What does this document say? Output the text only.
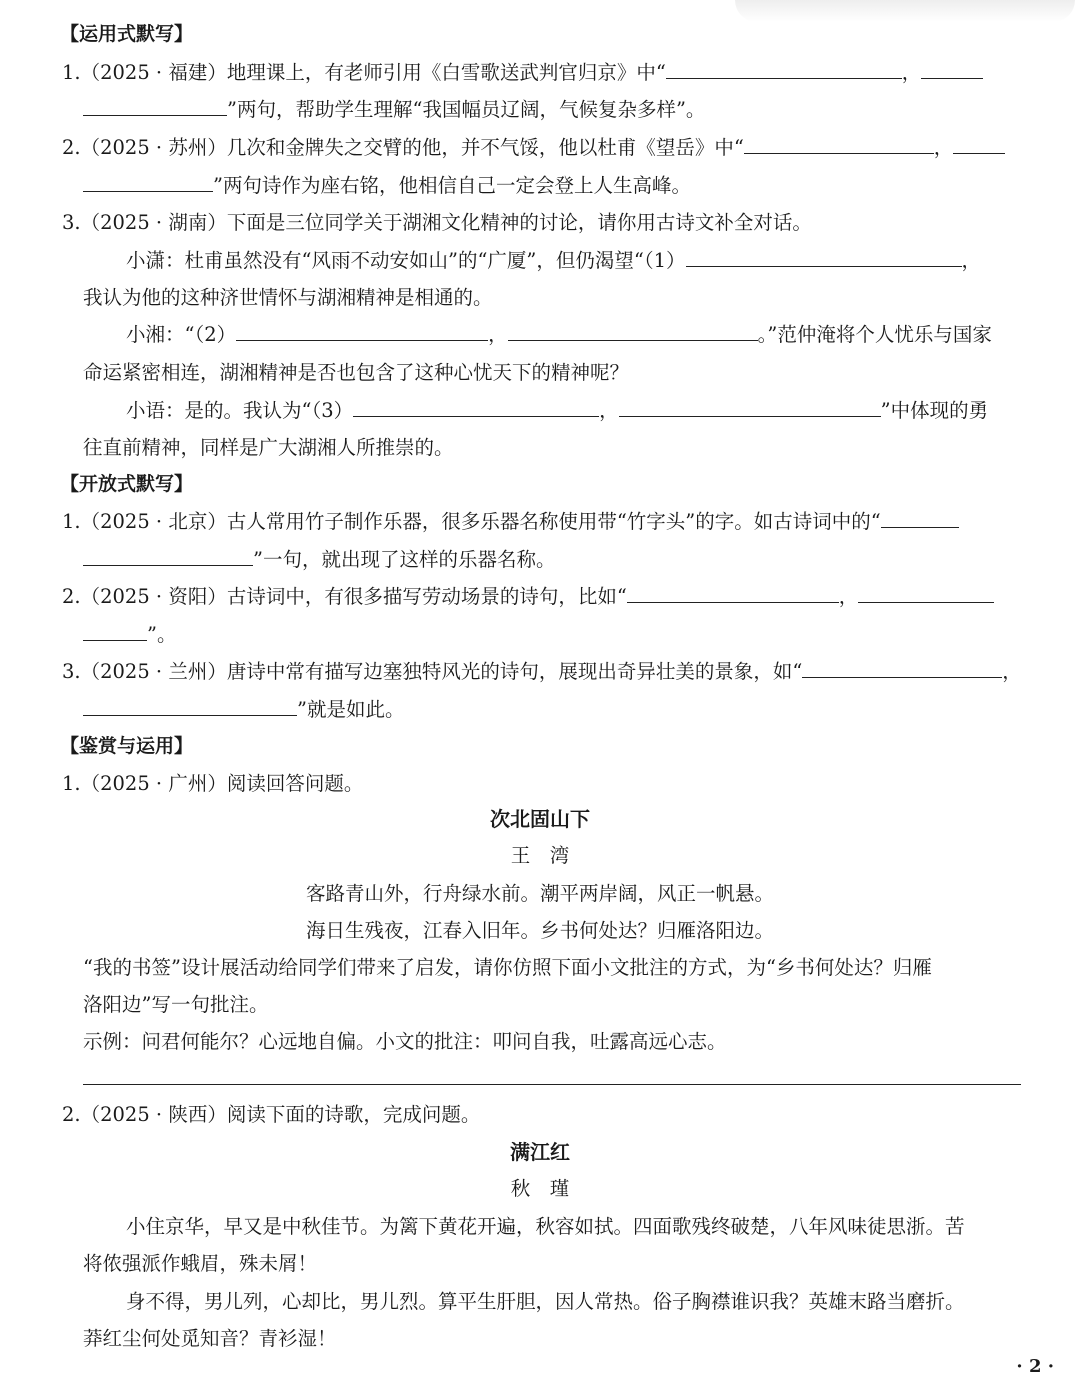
【运用式默写】
1.（2025 · 福建）地理课上，有老师引用《白雪歌送武判官归京》中“	，
”两句，帮助学生理解“我国幅员辽阔，气候复杂多样”。
2.（2025 · 苏州）几次和金牌失之交臂的他，并不气馁，他以杜甫《望岳》中“	，
”两句诗作为座右铭，他相信自己一定会登上人生高峰。
3.（2025 · 湖南）下面是三位同学关于湖湘文化精神的讨论，请你用古诗文补全对话。
小潇：杜甫虽然没有“风雨不动安如山”的“广厦”，但仍渴望“（1）	，
我认为他的这种济世情怀与湖湘精神是相通的。
小湘：“（2）	，	。”范仲淹将个人忧乐与国家
命运紧密相连，湖湘精神是否也包含了这种心忧天下的精神呢？
小语：是的。我认为“（3）	，	”中体现的勇
往直前精神，同样是广大湖湘人所推崇的。
【开放式默写】
1.（2025 · 北京）古人常用竹子制作乐器，很多乐器名称使用带“竹字头”的字。如古诗词中的“
”一句，就出现了这样的乐器名称。
2.（2025 · 资阳）古诗词中，有很多描写劳动场景的诗句，比如“	，
”。
3.（2025 · 兰州）唐诗中常有描写边塞独特风光的诗句，展现出奇异壮美的景象，如“	，
”就是如此。
【鉴赏与运用】
1.（2025 · 广州）阅读回答问题。
次北固山下
王　湾
客路青山外，行舟绿水前。潮平两岸阔，风正一帆悬。
海日生残夜，江春入旧年。乡书何处达？归雁洛阳边。
“我的书签”设计展活动给同学们带来了启发，请你仿照下面小文批注的方式，为“乡书何处达？归雁
洛阳边”写一句批注。
示例：问君何能尔？心远地自偏。小文的批注：叩问自我，吐露高远心志。
2.（2025 · 陕西）阅读下面的诗歌，完成问题。
满江红
秋　瑾
小住京华，早又是中秋佳节。为篱下黄花开遍，秋容如拭。四面歌残终破楚，八年风味徒思浙。苦
将侬强派作蛾眉，殊未屑！
身不得，男儿列，心却比，男儿烈。算平生肝胆，因人常热。俗子胸襟谁识我？英雄末路当磨折。
莽红尘何处觅知音？青衫湿！
· 2 ·
